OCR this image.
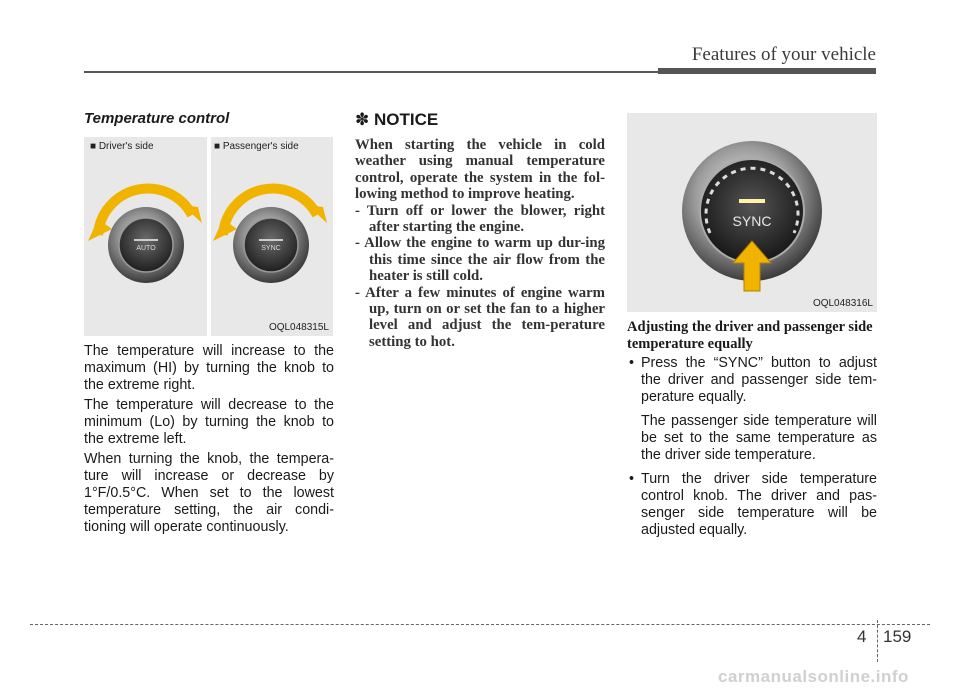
Features of your vehicle
Temperature control
■ Driver's side	■ Passenger's side
AUTO	SYNC
OQL048315L
The temperature will increase to the maximum (HI) by turning the knob to the extreme right.
The temperature will decrease to the minimum (Lo) by turning the knob to the extreme left.
When turning the knob, the tempera-ture will increase or decrease by 1°F/0.5°C. When set to the lowest temperature setting, the air condi-tioning will operate continuously.
✽ NOTICE

When starting the vehicle in cold weather using manual temperature control, operate the system in the fol-lowing method to improve heating.

- Turn off or lower the blower, right after starting the engine.

- Allow the engine to warm up dur-ing this time since the air flow from the heater is still cold.

- After a few minutes of engine warm up, turn on or set the fan to a higher level and adjust the tem-perature setting to hot.

SYNC
OQL048316L
Adjusting the driver and passenger side temperature equally

• Press the “SYNC” button to adjust the driver and passenger side tem-perature equally.

The passenger side temperature will be set to the same temperature as the driver side temperature.

• Turn the driver side temperature control knob. The driver and pas-senger side temperature will be adjusted equally.

4 159
carmanualsonline.info
